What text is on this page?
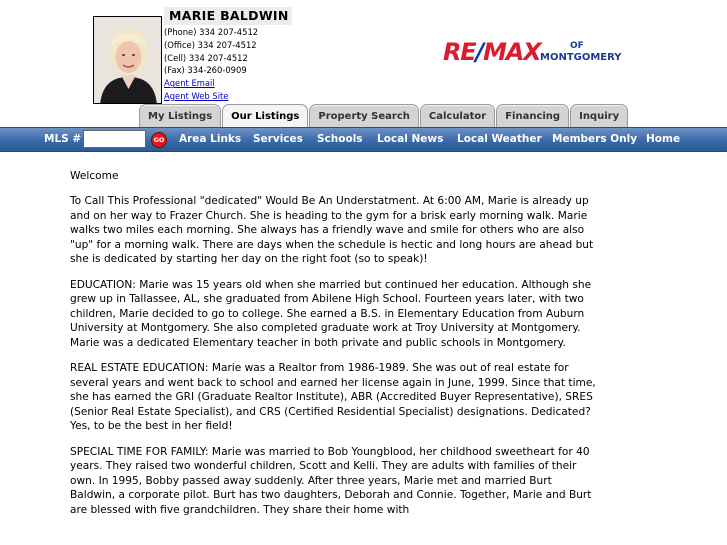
MARIE BALDWIN
(Phone) 334 207-4512
(Office) 334 207-4512
(Cell) 334 207-4512
(Fax) 334-260-0909
Agent Email
Agent Web Site
RE/MAX	OF
MONTGOMERY
My Listings	Our Listings	Property Search	Calculator	Financing	Inquiry
MLS #	GO Area Links Services Schools Local News Local Weather Members Only Home

Welcome

To Call This Professional "dedicated" Would Be An Understatment. At 6:00 AM, Marie is already up and on her way to Frazer Church. She is heading to the gym for a brisk early morning walk. Marie walks two miles each morning. She always has a friendly wave and smile for others who are also "up" for a morning walk. There are days when the schedule is hectic and long hours are ahead but she is dedicated by starting her day on the right foot (so to speak)!

EDUCATION: Marie was 15 years old when she married but continued her education. Although she grew up in Tallassee, AL, she graduated from Abilene High School. Fourteen years later, with two children, Marie decided to go to college. She earned a B.S. in Elementary Education from Auburn University at Montgomery. She also completed graduate work at Troy University at Montgomery. Marie was a dedicated Elementary teacher in both private and public schools in Montgomery.

REAL ESTATE EDUCATION: Marie was a Realtor from 1986-1989. She was out of real estate for several years and went back to school and earned her license again in June, 1999. Since that time, she has earned the GRI (Graduate Realtor Institute), ABR (Accredited Buyer Representative), SRES (Senior Real Estate Specialist), and CRS (Certified Residential Specialist) designations. Dedicated? Yes, to be the best in her field!

SPECIAL TIME FOR FAMILY: Marie was married to Bob Youngblood, her childhood sweetheart for 40 years. They raised two wonderful children, Scott and Kelli. They are adults with families of their own. In 1995, Bobby passed away suddenly. After three years, Marie met and married Burt Baldwin, a corporate pilot. Burt has two daughters, Deborah and Connie. Together, Marie and Burt are blessed with five grandchildren. They share their home with
